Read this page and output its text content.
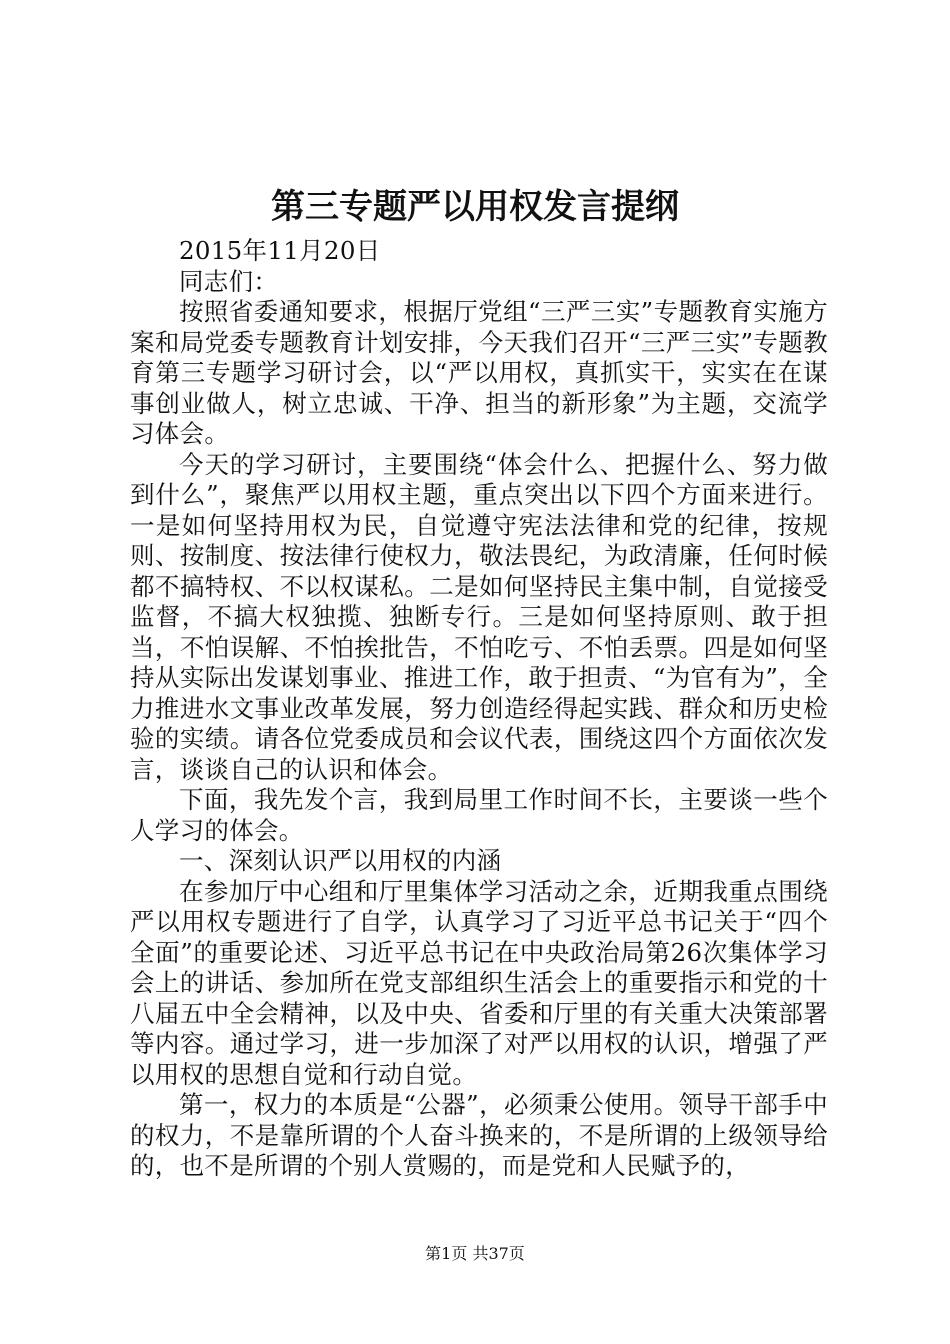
第三专题严以用权发言提纲

2015年11月20日

同志们：

按照省委通知要求，根据厅党组“三严三实”专题教育实施方案和局党委专题教育计划安排，今天我们召开“三严三实”专题教育第三专题学习研讨会，以“严以用权，真抓实干，实实在在谋事创业做人，树立忠诚、干净、担当的新形象”为主题，交流学习体会。

今天的学习研讨，主要围绕“体会什么、把握什么、努力做到什么”，聚焦严以用权主题，重点突出以下四个方面来进行。一是如何坚持用权为民，自觉遵守宪法法律和党的纪律，按规则、按制度、按法律行使权力，敬法畏纪，为政清廉，任何时候都不搞特权、不以权谋私。二是如何坚持民主集中制，自觉接受监督，不搞大权独揽、独断专行。三是如何坚持原则、敢于担当，不怕误解、不怕挨批告，不怕吃亏、不怕丢票。四是如何坚持从实际出发谋划事业、推进工作，敢于担责、“为官有为”，全力推进水文事业改革发展，努力创造经得起实践、群众和历史检验的实绩。请各位党委成员和会议代表，围绕这四个方面依次发言，谈谈自己的认识和体会。

下面，我先发个言，我到局里工作时间不长，主要谈一些个人学习的体会。

一、深刻认识严以用权的内涵

在参加厅中心组和厅里集体学习活动之余，近期我重点围绕严以用权专题进行了自学，认真学习了习近平总书记关于“四个全面”的重要论述、习近平总书记在中央政治局第26次集体学习会上的讲话、参加所在党支部组织生活会上的重要指示和党的十八届五中全会精神，以及中央、省委和厅里的有关重大决策部署等内容。通过学习，进一步加深了对严以用权的认识，增强了严以用权的思想自觉和行动自觉。

第一，权力的本质是“公器”，必须秉公使用。领导干部手中的权力，不是靠所谓的个人奋斗换来的，不是所谓的上级领导给的，也不是所谓的个别人赏赐的，而是党和人民赋予的，

第1页 共37页
